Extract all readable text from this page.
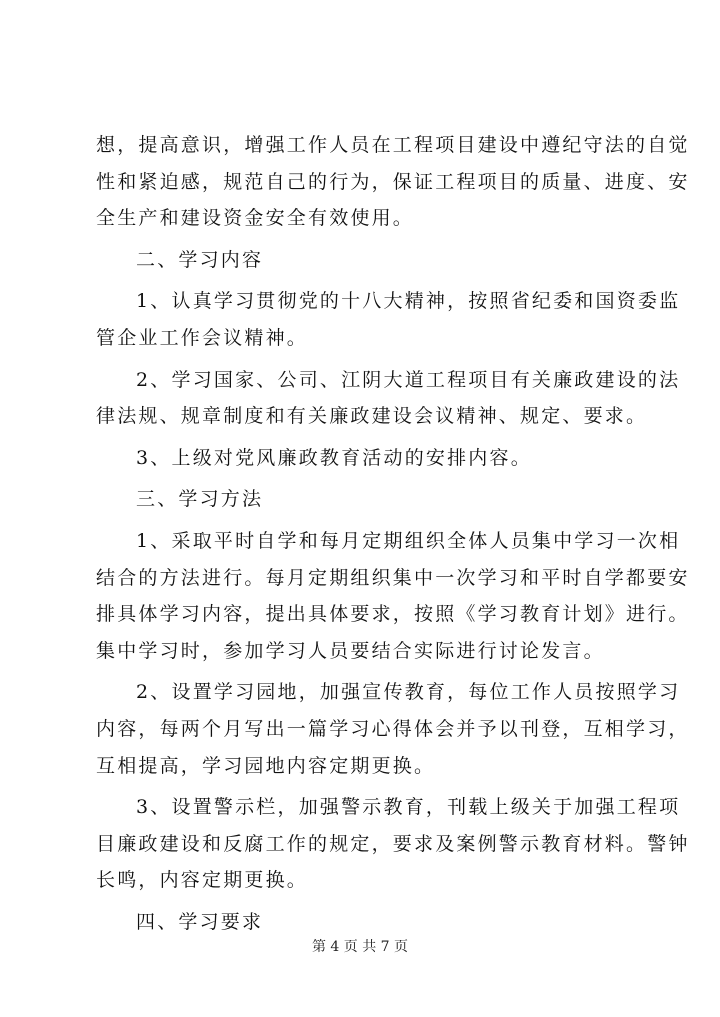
想，提高意识，增强工作人员在工程项目建设中遵纪守法的自觉
性和紧迫感，规范自己的行为，保证工程项目的质量、进度、安
全生产和建设资金安全有效使用。

二、学习内容

1、认真学习贯彻党的十八大精神，按照省纪委和国资委监
管企业工作会议精神。

2、学习国家、公司、江阴大道工程项目有关廉政建设的法
律法规、规章制度和有关廉政建设会议精神、规定、要求。

3、上级对党风廉政教育活动的安排内容。

三、学习方法

1、采取平时自学和每月定期组织全体人员集中学习一次相
结合的方法进行。每月定期组织集中一次学习和平时自学都要安
排具体学习内容，提出具体要求，按照《学习教育计划》进行。
集中学习时，参加学习人员要结合实际进行讨论发言。

2、设置学习园地，加强宣传教育，每位工作人员按照学习
内容，每两个月写出一篇学习心得体会并予以刊登，互相学习，
互相提高，学习园地内容定期更换。

3、设置警示栏，加强警示教育，刊载上级关于加强工程项
目廉政建设和反腐工作的规定，要求及案例警示教育材料。警钟
长鸣，内容定期更换。

四、学习要求

第 4 页 共 7 页
